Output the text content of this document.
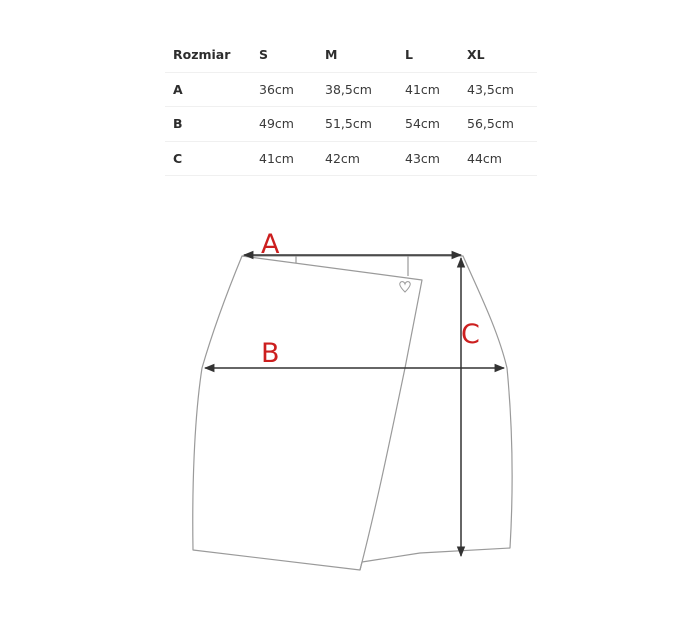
Rozmiar	S	M	L	XL
A	36cm	38,5cm	41cm	43,5cm
B	49cm	51,5cm	54cm	56,5cm
C	41cm	42cm	43cm	44cm
A
B
C
